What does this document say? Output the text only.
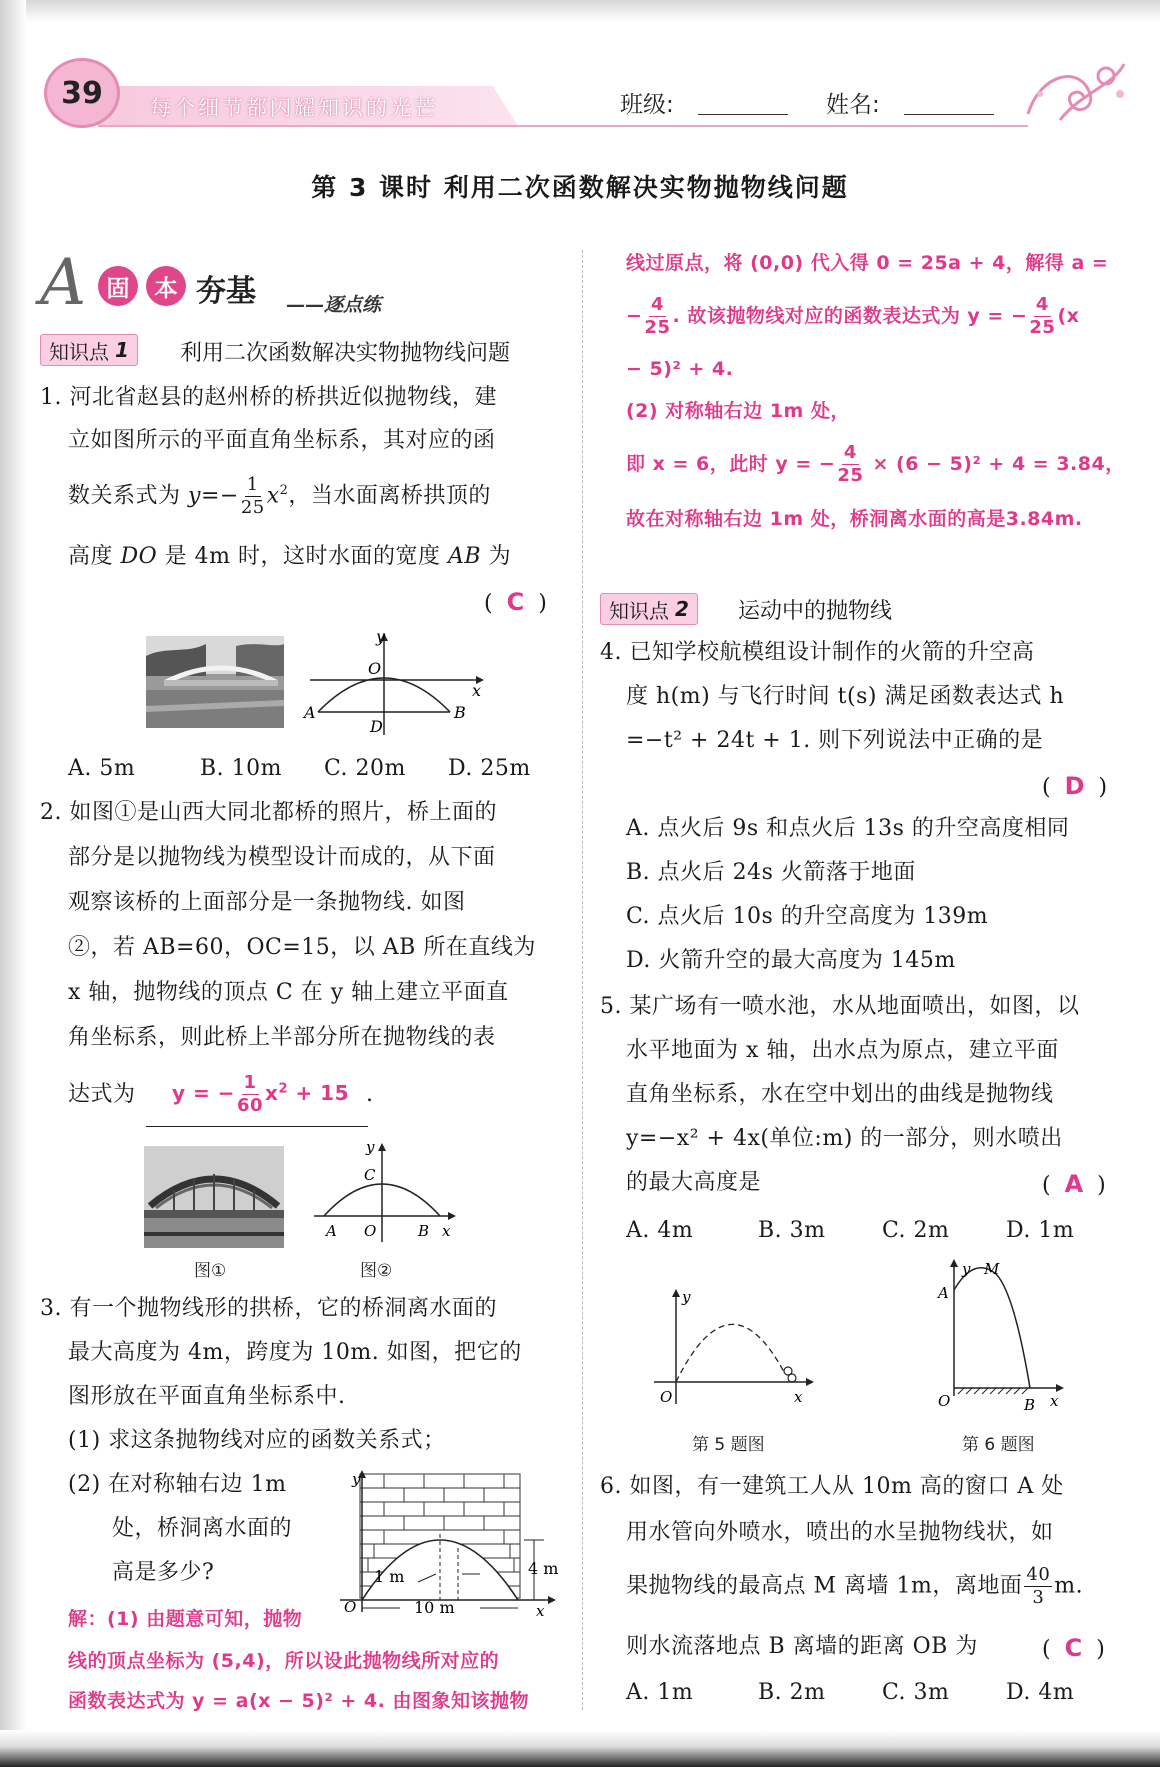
每个细节都闪耀知识的光芒
39	班级:	姓名:
第 3 课时 利用二次函数解决实物抛物线问题
A 固	本 夯基 ——逐点练
知识点 1 利用二次函数解决实物抛物线问题
1. 河北省赵县的赵州桥的桥拱近似抛物线，建
立如图所示的平面直角坐标系，其对应的函
数关系式为 $y=- \frac{1}{25} x^2$，当水面离桥拱顶的
高度 DO 是 4m 时，这时水面的宽度 AB 为
(  C  )
y
O
x
A	B
D
A. 5m	B. 10m C. 20m D. 25m
2. 如图①是山西大同北都桥的照片，桥上面的
部分是以抛物线为模型设计而成的，从下面
观察该桥的上面部分是一条抛物线. 如图
②，若 AB=60，OC=15，以 AB 所在直线为
x 轴，抛物线的顶点 C 在 y 轴上建立平面直
角坐标系，则此桥上半部分所在抛物线的表
达式为 y = − $\frac{1}{60} x^2 + 15$ .
y
C
A O	B x
图①	图②
3. 有一个抛物线形的拱桥，它的桥洞离水面的
最大高度为 4m，跨度为 10m. 如图，把它的
图形放在平面直角坐标系中.
(1) 求这条抛物线对应的函数关系式；
(2) 在对称轴右边 1m
处，桥洞离水面的
高是多少?
y
1 m
10 m
4 m
O	x
解：(1) 由题意可知，抛物
线的顶点坐标为 (5,4)，所以设此抛物线所对应的
函数表达式为 y = a(x − 5)² + 4. 由图象知该抛物
线过原点，将 (0,0) 代入得 0 = 25a + 4，解得 a =
− $\frac{4}{25}$ . 故该抛物线对应的函数表达式为 y = − $\frac{4}{25} (x$
− 5)² + 4.
(2) 对称轴右边 1m 处，
即 x = 6，此时 y = − $\frac{4}{25} \times (6 - 5)^2 + 4 = 3.84$，
故在对称轴右边 1m 处，桥洞离水面的高是3.84m.
知识点 2 运动中的抛物线
4. 已知学校航模组设计制作的火箭的升空高
度 h(m) 与飞行时间 t(s) 满足函数表达式 h
=−t² + 24t + 1. 则下列说法中正确的是
(  D  )
A. 点火后 9s 和点火后 13s 的升空高度相同
B. 点火后 24s 火箭落于地面
C. 点火后 10s 的升空高度为 139m
D. 火箭升空的最大高度为 145m
5. 某广场有一喷水池，水从地面喷出，如图，以
水平地面为 x 轴，出水点为原点，建立平面
直角坐标系，水在空中划出的曲线是抛物线
y=−x² + 4x(单位:m) 的一部分，则水喷出
的最大高度是	(  A  )
A. 4m	B. 3m	C. 2m	D. 1m
y
O	x
第 5 题图
y M
A
O	B x
第 6 题图
6. 如图，有一建筑工人从 10m 高的窗口 A 处
用水管向外喷水，喷出的水呈抛物线状，如
果抛物线的最高点 M 离墙 1m，离地面 $\frac{40}{3} m$.
则水流落地点 B 离墙的距离 OB 为	(  C  )
A. 1m	B. 2m	C. 3m	D. 4m
